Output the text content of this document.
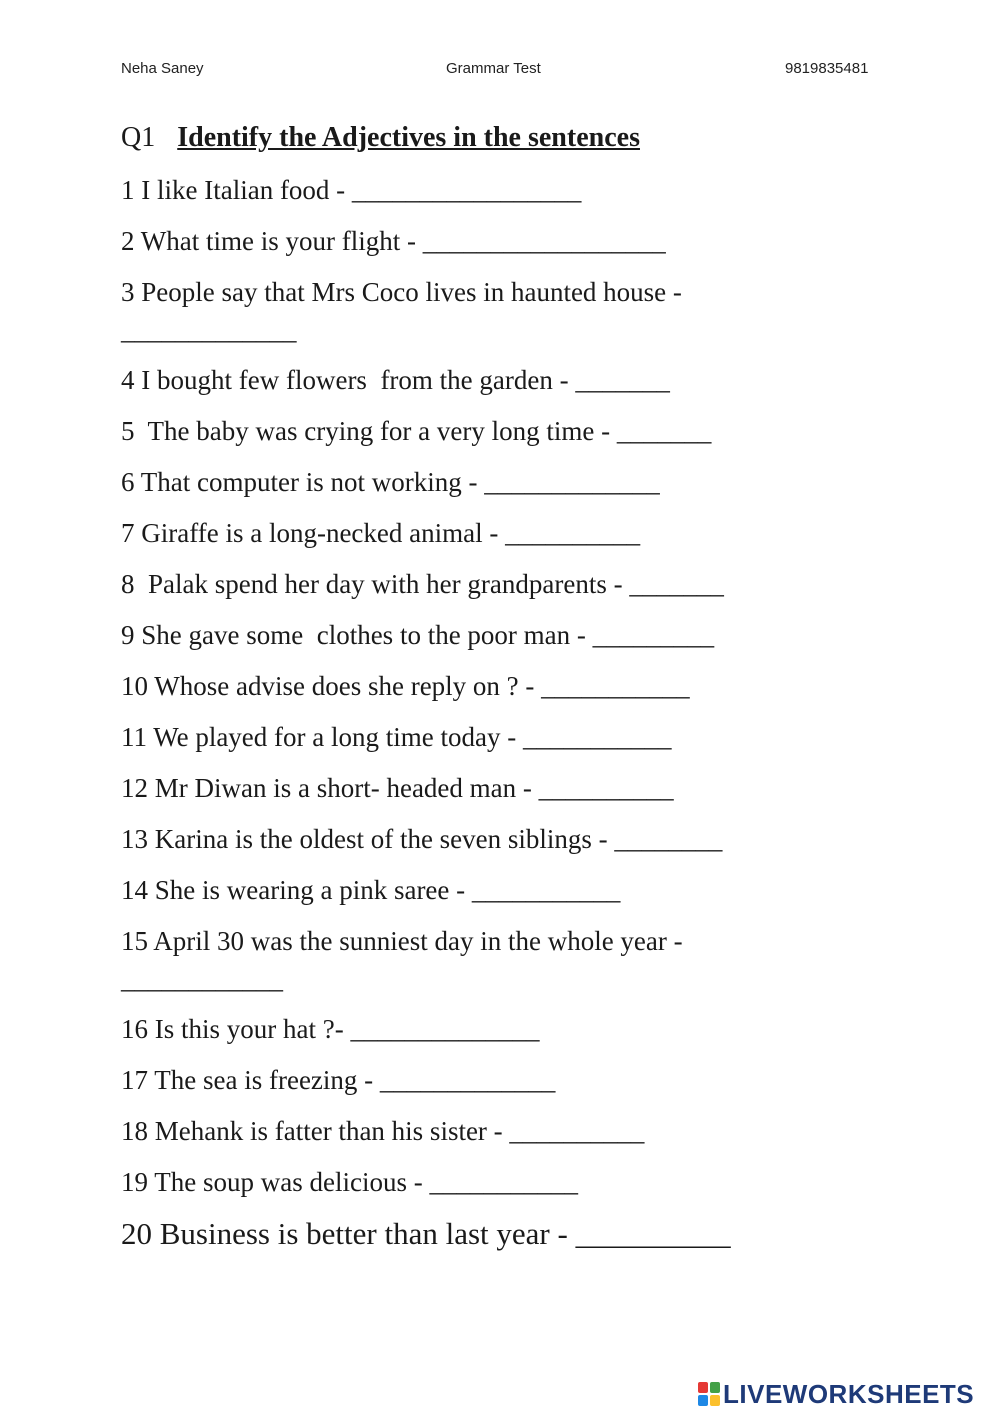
Neha Saney	Grammar Test	9819835481
Q1 Identify the Adjectives in the sentences
1 I like Italian food - _________________
2 What time is your flight - __________________
3 People say that Mrs Coco lives in haunted house -
_____________
4 I bought few flowers  from the garden - _______
5  The baby was crying for a very long time - _______
6 That computer is not working - _____________
7 Giraffe is a long-necked animal - __________
8  Palak spend her day with her grandparents - _______
9 She gave some  clothes to the poor man - _________
10 Whose advise does she reply on ? - ___________
11 We played for a long time today - ___________
12 Mr Diwan is a short- headed man - __________
13 Karina is the oldest of the seven siblings - ________
14 She is wearing a pink saree - ___________
15 April 30 was the sunniest day in the whole year -
____________
16 Is this your hat ?- ______________
17 The sea is freezing - _____________
18 Mehank is fatter than his sister - __________
19 The soup was delicious - ___________
20 Business is better than last year - __________
LIVEWORKSHEETS
